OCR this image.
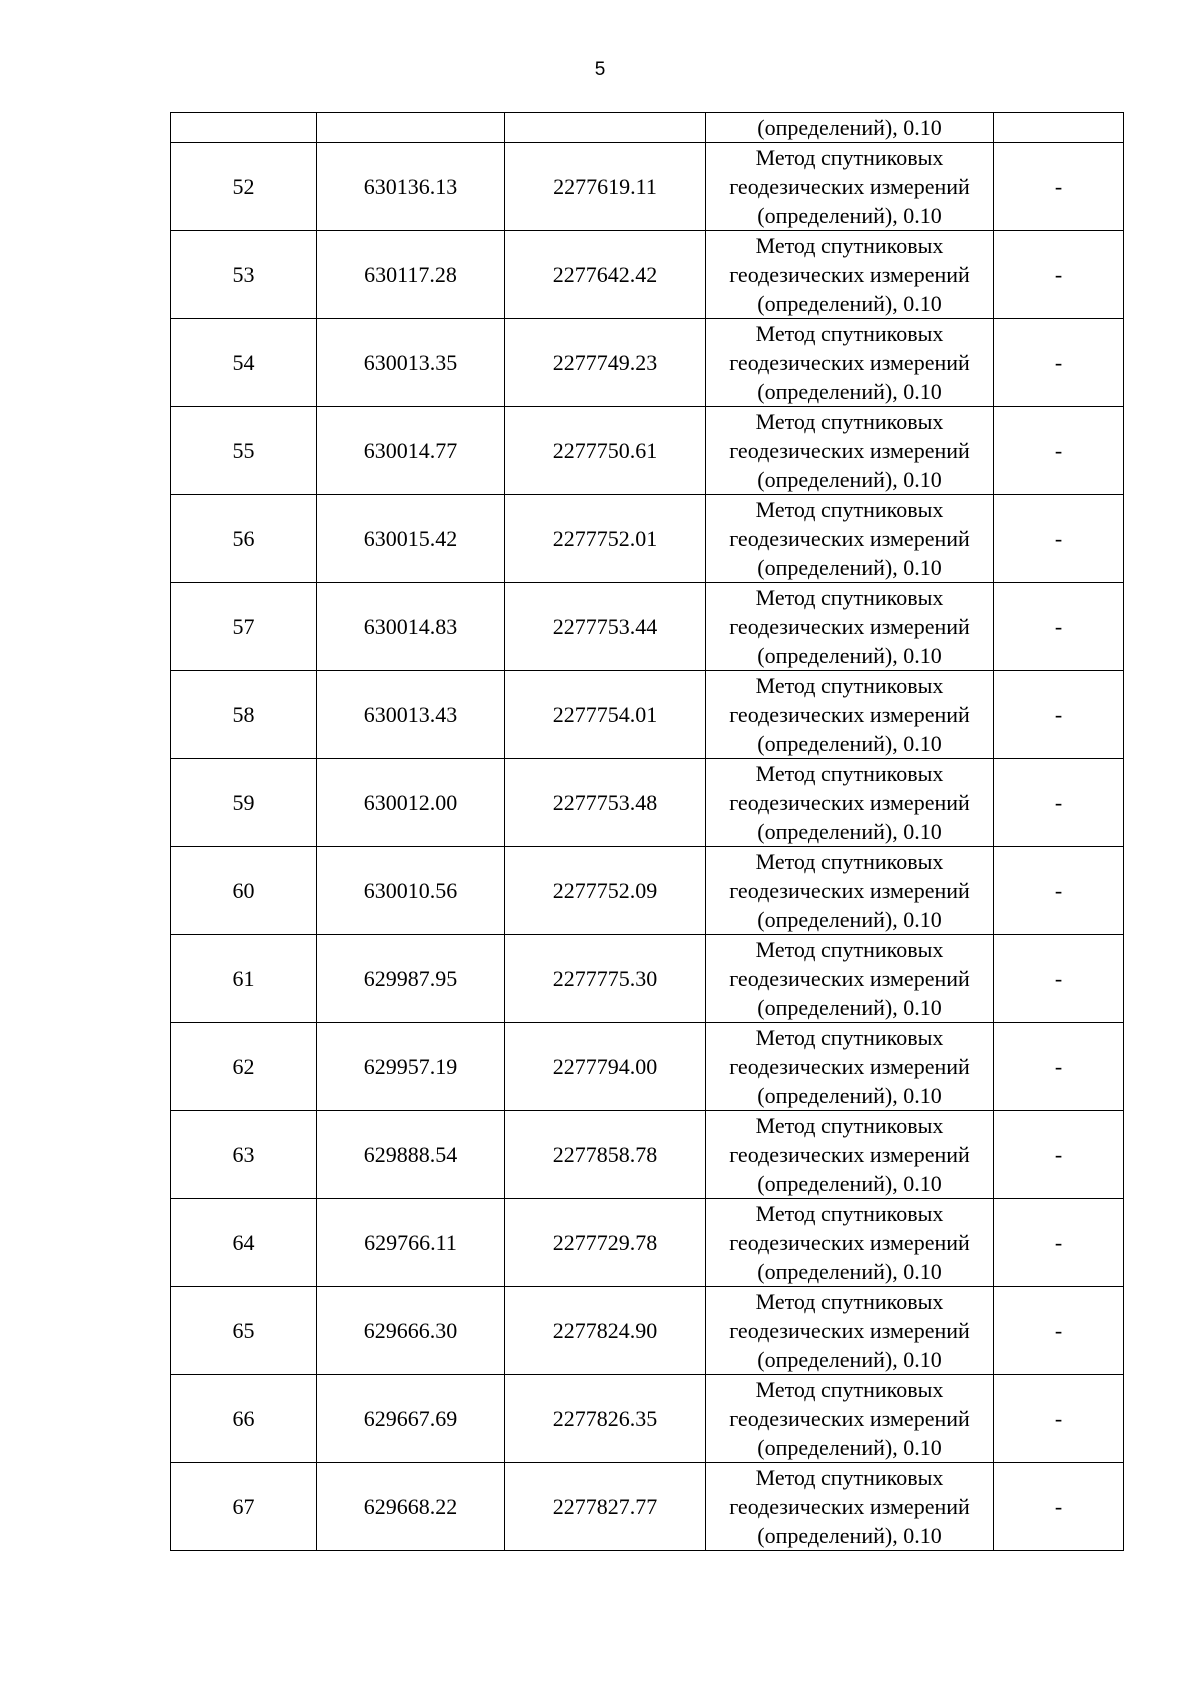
5
			(определений), 0.10	
52	630136.13	2277619.11	Метод спутниковых геодезических измерений (определений), 0.10	-
53	630117.28	2277642.42	Метод спутниковых геодезических измерений (определений), 0.10	-
54	630013.35	2277749.23	Метод спутниковых геодезических измерений (определений), 0.10	-
55	630014.77	2277750.61	Метод спутниковых геодезических измерений (определений), 0.10	-
56	630015.42	2277752.01	Метод спутниковых геодезических измерений (определений), 0.10	-
57	630014.83	2277753.44	Метод спутниковых геодезических измерений (определений), 0.10	-
58	630013.43	2277754.01	Метод спутниковых геодезических измерений (определений), 0.10	-
59	630012.00	2277753.48	Метод спутниковых геодезических измерений (определений), 0.10	-
60	630010.56	2277752.09	Метод спутниковых геодезических измерений (определений), 0.10	-
61	629987.95	2277775.30	Метод спутниковых геодезических измерений (определений), 0.10	-
62	629957.19	2277794.00	Метод спутниковых геодезических измерений (определений), 0.10	-
63	629888.54	2277858.78	Метод спутниковых геодезических измерений (определений), 0.10	-
64	629766.11	2277729.78	Метод спутниковых геодезических измерений (определений), 0.10	-
65	629666.30	2277824.90	Метод спутниковых геодезических измерений (определений), 0.10	-
66	629667.69	2277826.35	Метод спутниковых геодезических измерений (определений), 0.10	-
67	629668.22	2277827.77	Метод спутниковых геодезических измерений (определений), 0.10	-
